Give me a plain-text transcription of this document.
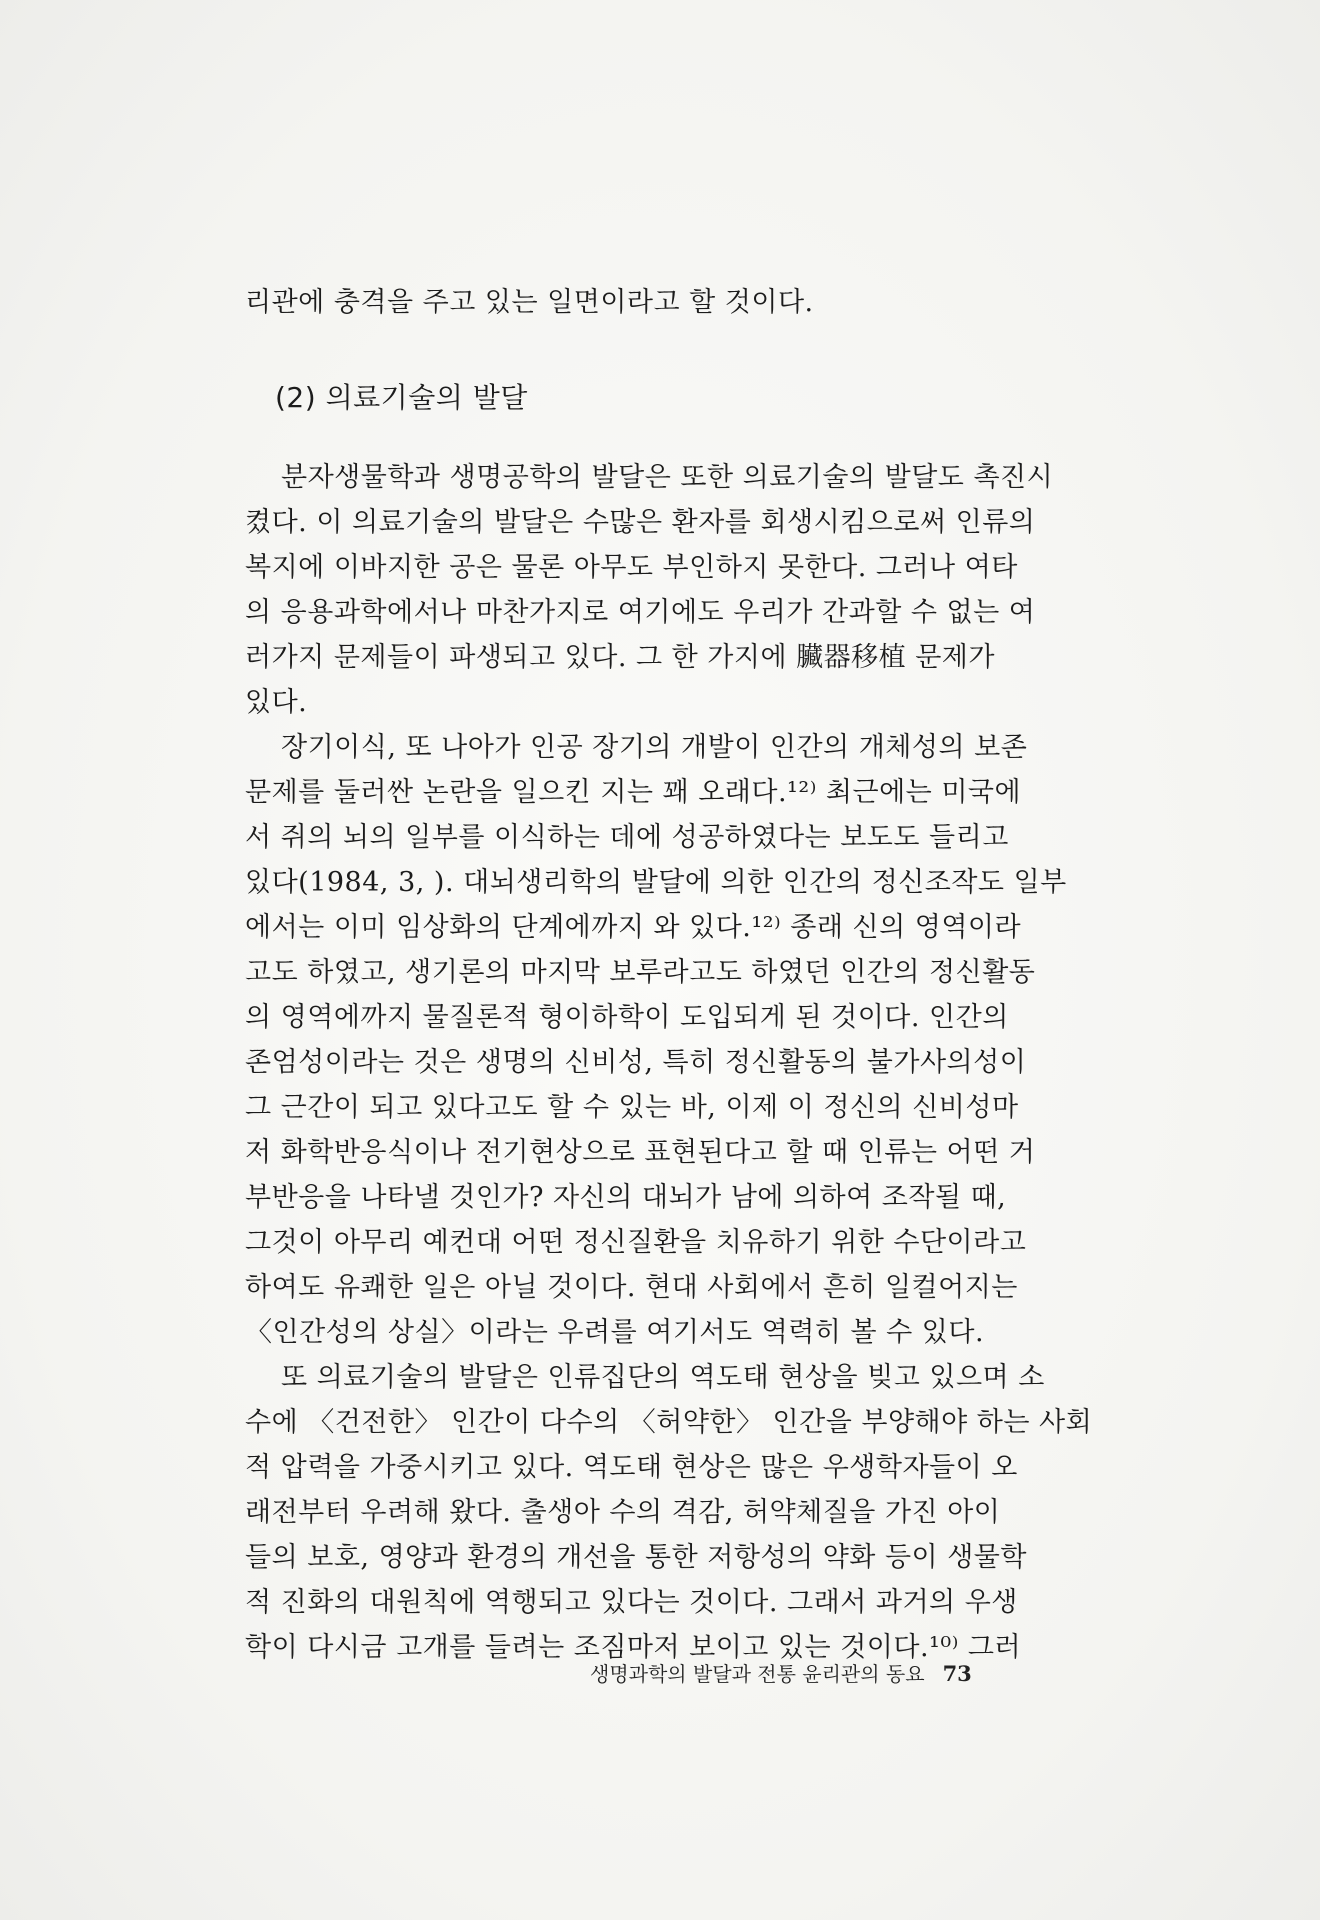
리관에 충격을 주고 있는 일면이라고 할 것이다.
(2) 의료기술의 발달
분자생물학과 생명공학의 발달은 또한 의료기술의 발달도 촉진시
켰다. 이 의료기술의 발달은 수많은 환자를 회생시킴으로써 인류의
복지에 이바지한 공은 물론 아무도 부인하지 못한다. 그러나 여타
의 응용과학에서나 마찬가지로 여기에도 우리가 간과할 수 없는 여
러가지 문제들이 파생되고 있다. 그 한 가지에 臟器移植 문제가
있다.
장기이식, 또 나아가 인공 장기의 개발이 인간의 개체성의 보존
문제를 둘러싼 논란을 일으킨 지는 꽤 오래다.¹²⁾ 최근에는 미국에
서 쥐의 뇌의 일부를 이식하는 데에 성공하였다는 보도도 들리고
있다(1984, 3, ). 대뇌생리학의 발달에 의한 인간의 정신조작도 일부
에서는 이미 임상화의 단계에까지 와 있다.¹²⁾ 종래 신의 영역이라
고도 하였고, 생기론의 마지막 보루라고도 하였던 인간의 정신활동
의 영역에까지 물질론적 형이하학이 도입되게 된 것이다. 인간의
존엄성이라는 것은 생명의 신비성, 특히 정신활동의 불가사의성이
그 근간이 되고 있다고도 할 수 있는 바, 이제 이 정신의 신비성마
저 화학반응식이나 전기현상으로 표현된다고 할 때 인류는 어떤 거
부반응을 나타낼 것인가? 자신의 대뇌가 남에 의하여 조작될 때,
그것이 아무리 예컨대 어떤 정신질환을 치유하기 위한 수단이라고
하여도 유쾌한 일은 아닐 것이다. 현대 사회에서 흔히 일컬어지는
〈인간성의 상실〉이라는 우려를 여기서도 역력히 볼 수 있다.
또 의료기술의 발달은 인류집단의 역도태 현상을 빚고 있으며 소
수에 〈건전한〉 인간이 다수의 〈허약한〉 인간을 부양해야 하는 사회
적 압력을 가중시키고 있다. 역도태 현상은 많은 우생학자들이 오
래전부터 우려해 왔다. 출생아 수의 격감, 허약체질을 가진 아이
들의 보호, 영양과 환경의 개선을 통한 저항성의 약화 등이 생물학
적 진화의 대원칙에 역행되고 있다는 것이다. 그래서 과거의 우생
학이 다시금 고개를 들려는 조짐마저 보이고 있는 것이다.¹⁰⁾ 그러
생명과학의 발달과 전통 윤리관의 동요 73
